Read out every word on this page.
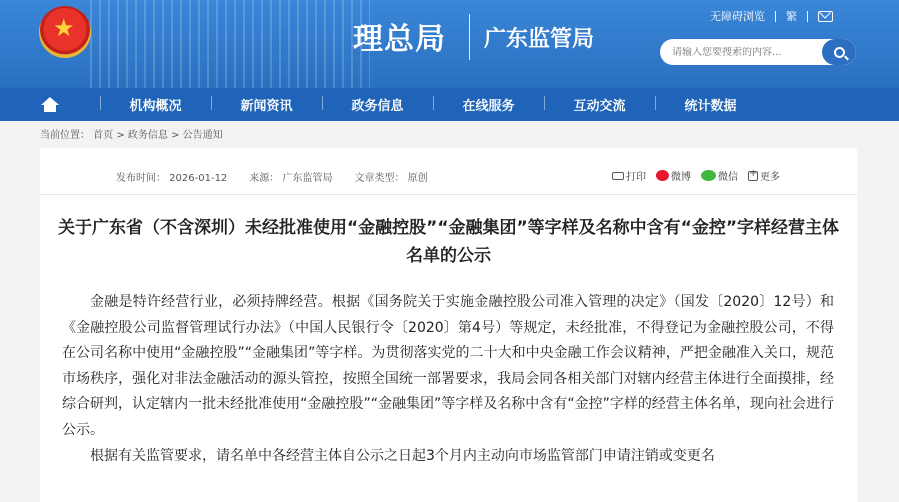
★	理总局 广东监管局
无障碍浏览 繁
请输入您要搜索的内容...
机构概况	新闻资讯	政务信息	在线服务	互动交流	统计数据
当前位置： 首页 > 政务信息 > 公告通知
发布时间： 2026-01-12 来源： 广东监管局 文章类型： 原创	打印	微博	微信
+ 更多
关于广东省（不含深圳）未经批准使用“金融控股”“金融集团”等字样及名称中含有“金控”字样经营主体名单的公示

金融是特许经营行业，必须持牌经营。根据《国务院关于实施金融控股公司准入管理的决定》（国发〔2020〕12号）和《金融控股公司监督管理试行办法》（中国人民银行令〔2020〕第4号）等规定，未经批准，不得登记为金融控股公司，不得在公司名称中使用“金融控股”“金融集团”等字样。为贯彻落实党的二十大和中央金融工作会议精神，严把金融准入关口，规范市场秩序，强化对非法金融活动的源头管控，按照全国统一部署要求，我局会同各相关部门对辖内经营主体进行全面摸排，经综合研判，认定辖内一批未经批准使用“金融控股”“金融集团”等字样及名称中含有“金控”字样的经营主体名单，现向社会进行公示。

根据有关监管要求，请名单中各经营主体自公示之日起3个月内主动向市场监管部门申请注销或变更名
